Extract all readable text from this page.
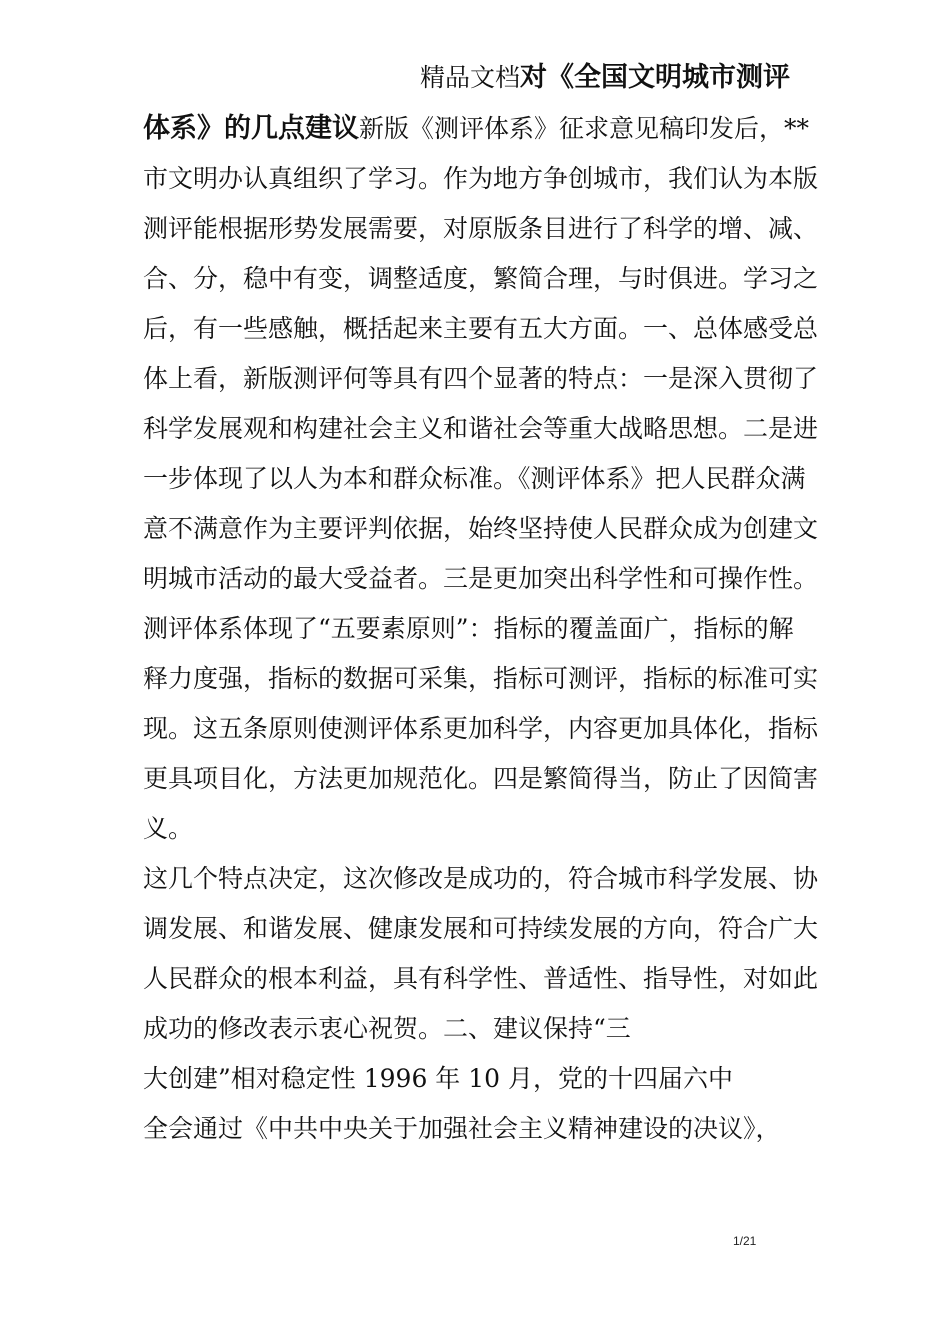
精品文档对《全国文明城市测评
体系》的几点建议新版《测评体系》征求意见稿印发后，**
市文明办认真组织了学习。作为地方争创城市，我们认为本版
测评能根据形势发展需要，对原版条目进行了科学的增、减、
合、分，稳中有变，调整适度，繁简合理，与时俱进。学习之
后，有一些感触，概括起来主要有五大方面。一、总体感受总
体上看，新版测评何等具有四个显著的特点：一是深入贯彻了
科学发展观和构建社会主义和谐社会等重大战略思想。二是进
一步体现了以人为本和群众标准。《测评体系》把人民群众满
意不满意作为主要评判依据，始终坚持使人民群众成为创建文
明城市活动的最大受益者。三是更加突出科学性和可操作性。
测评体系体现了“五要素原则”：指标的覆盖面广，指标的解
释力度强，指标的数据可采集，指标可测评，指标的标准可实
现。这五条原则使测评体系更加科学，内容更加具体化，指标
更具项目化，方法更加规范化。四是繁简得当，防止了因简害
义。
这几个特点决定，这次修改是成功的，符合城市科学发展、协
调发展、和谐发展、健康发展和可持续发展的方向，符合广大
人民群众的根本利益，具有科学性、普适性、指导性，对如此
成功的修改表示衷心祝贺。二、建议保持“三
大创建”相对稳定性 1996 年 10 月，党的十四届六中
全会通过《中共中央关于加强社会主义精神建设的决议》，
1/21
